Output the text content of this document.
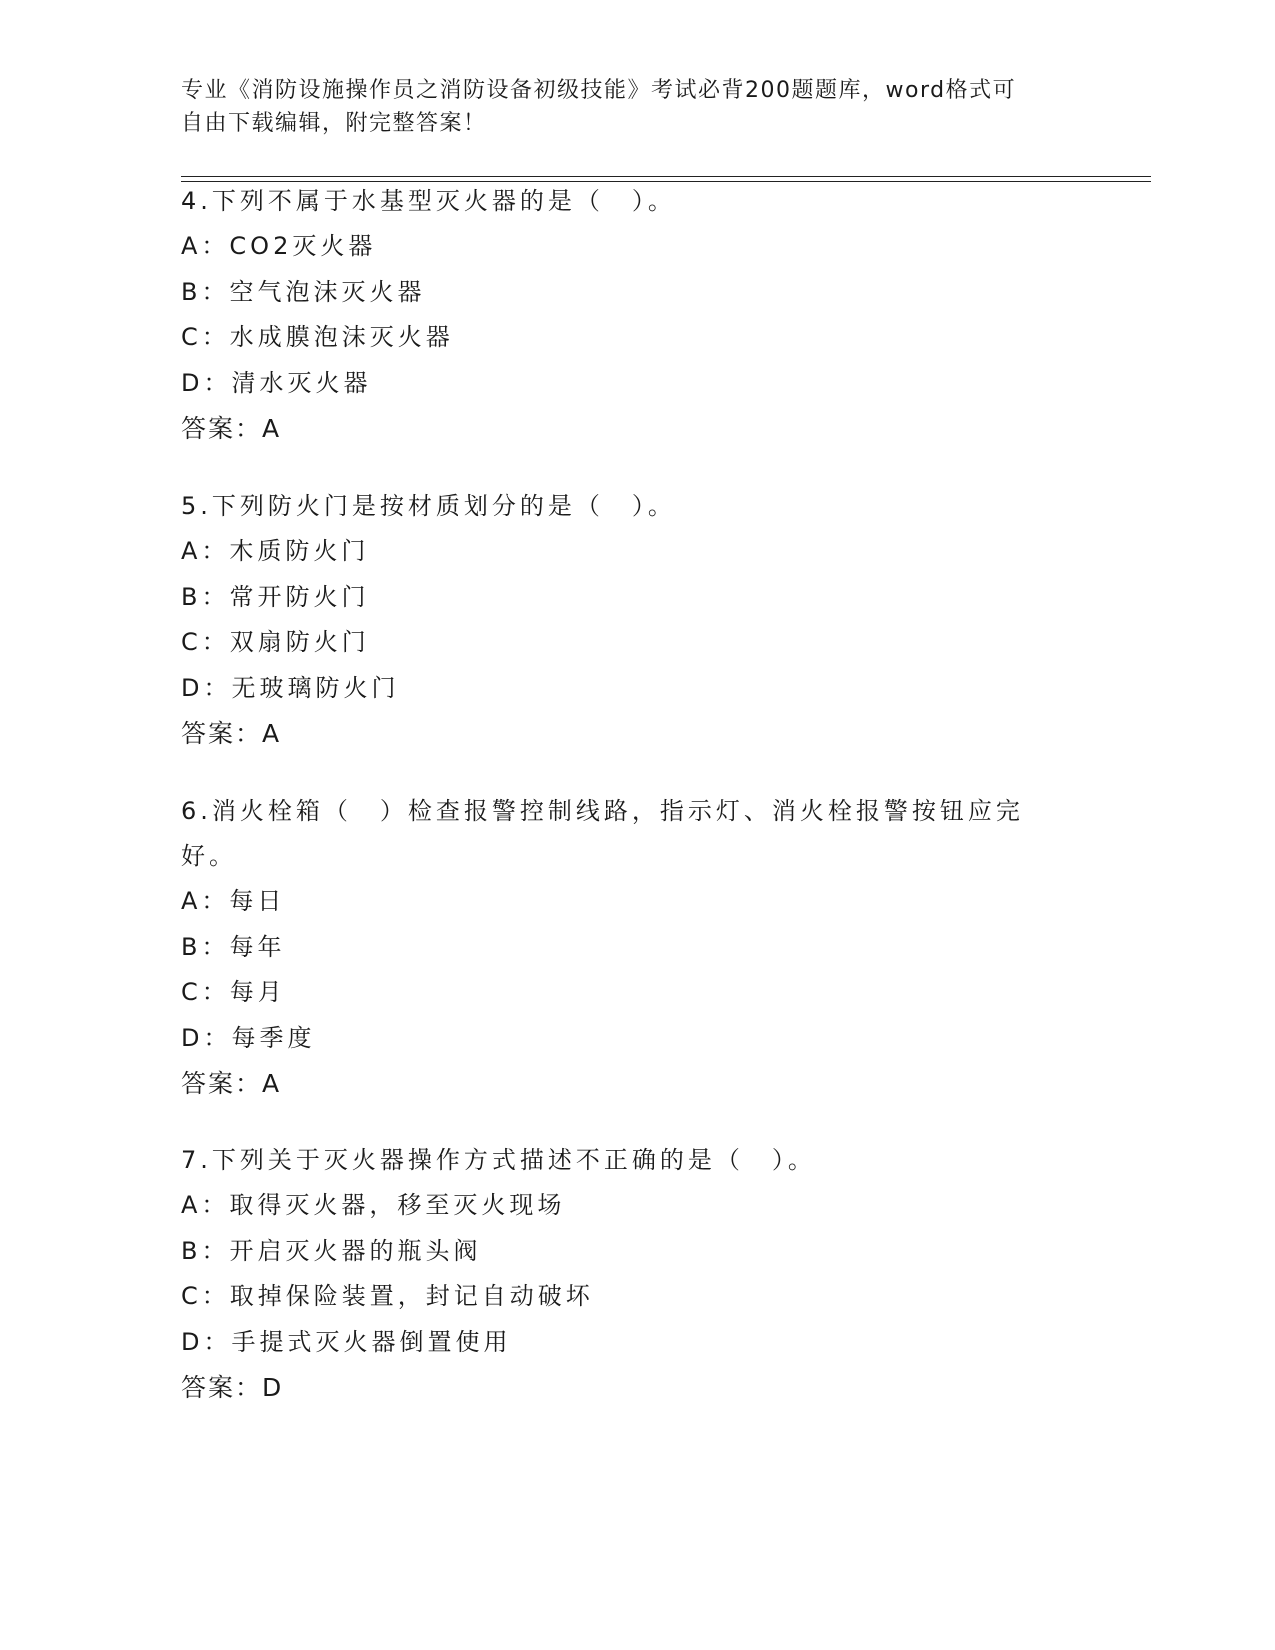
专业《消防设施操作员之消防设备初级技能》考试必背200题题库，word格式可
自由下载编辑，附完整答案！

4.下列不属于水基型灭火器的是（　）。

A：CO2灭火器

B：空气泡沫灭火器

C：水成膜泡沫灭火器

D：清水灭火器

答案：A

5.下列防火门是按材质划分的是（　）。

A：木质防火门

B：常开防火门

C：双扇防火门

D：无玻璃防火门

答案：A

6.消火栓箱（　）检查报警控制线路，指示灯、消火栓报警按钮应完

好。

A：每日

B：每年

C：每月

D：每季度

答案：A

7.下列关于灭火器操作方式描述不正确的是（　）。

A：取得灭火器，移至灭火现场

B：开启灭火器的瓶头阀

C：取掉保险装置，封记自动破坏

D：手提式灭火器倒置使用

答案：D
